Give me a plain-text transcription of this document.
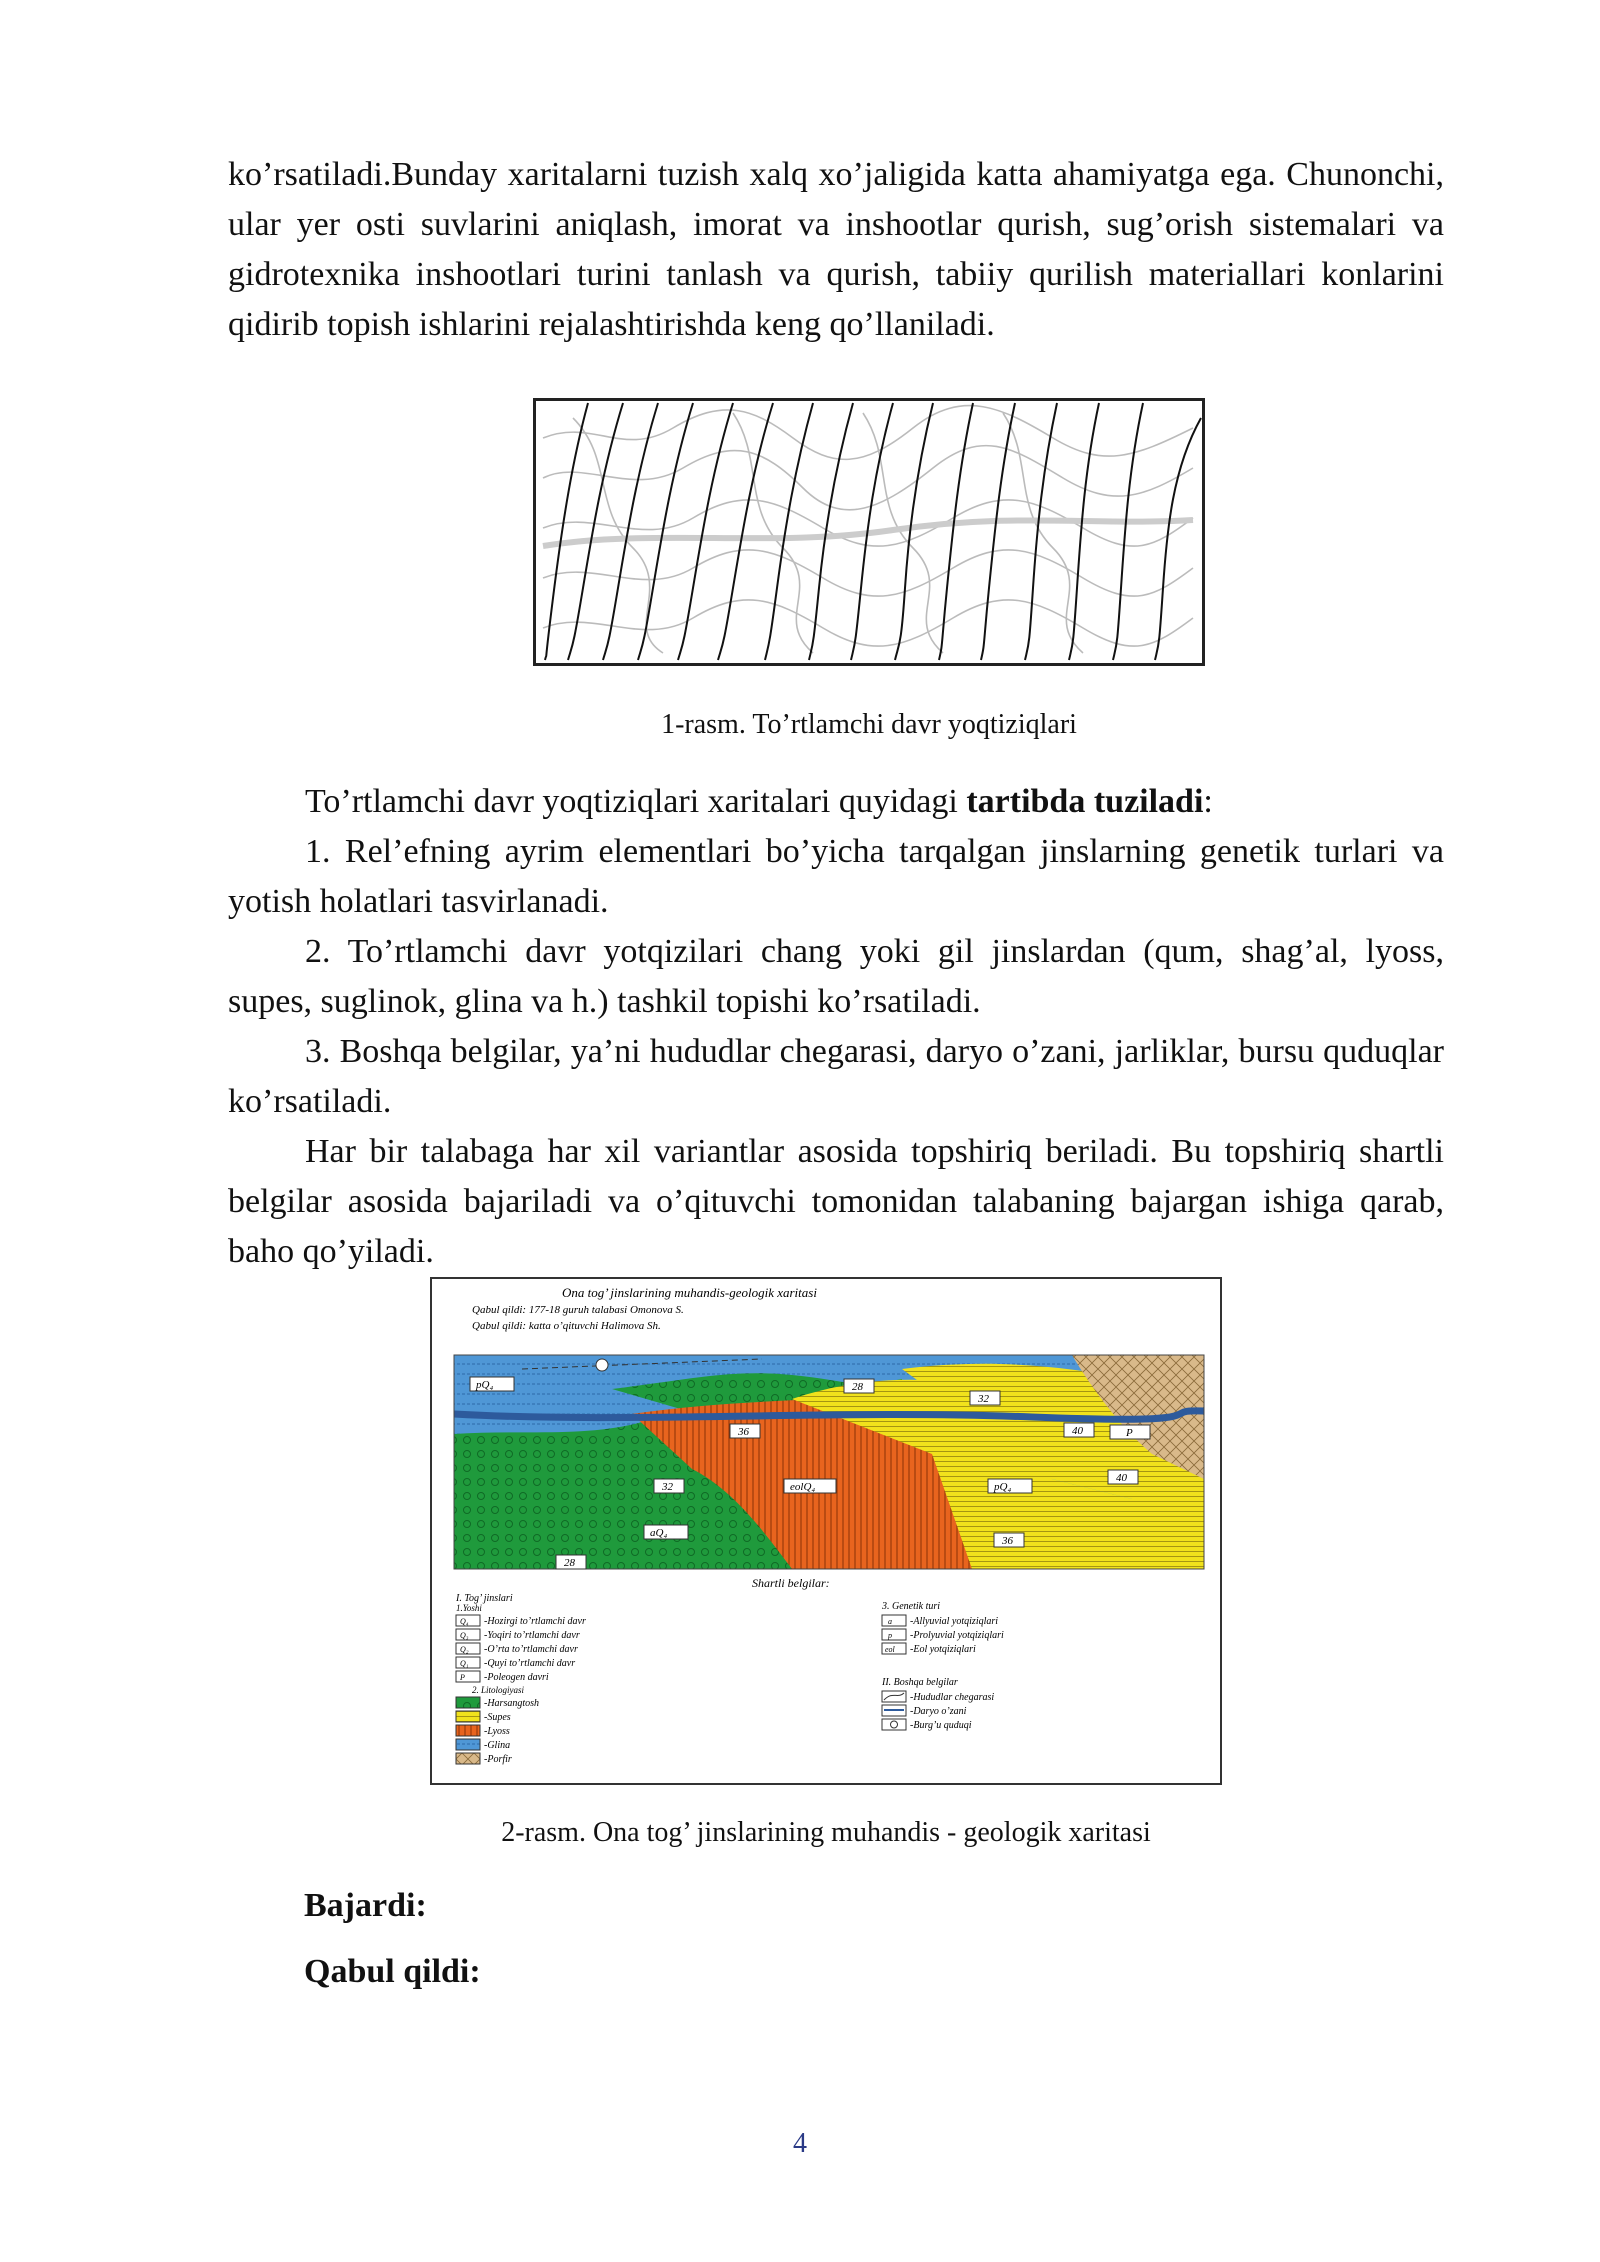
ko’rsatiladi.Bunday xaritalarni tuzish xalq xo’jaligida katta ahamiyatga ega. Chunonchi, ular yer osti suvlarini aniqlash, imorat va inshootlar qurish, sug’orish sistemalari va gidrotexnika inshootlari turini tanlash va qurish, tabiiy qurilish materiallari konlarini qidirib topish ishlarini rejalashtirishda keng qo’llaniladi.

1-rasm. To’rtlamchi davr yoqtiziqlari

To’rtlamchi davr yoqtiziqlari xaritalari quyidagi tartibda tuziladi:

1. Rel’efning ayrim elementlari bo’yicha tarqalgan jinslarning genetik turlari va yotish holatlari tasvirlanadi.

2. To’rtlamchi davr yotqizilari chang yoki gil jinslardan (qum, shag’al, lyoss, supes, suglinok, glina va h.) tashkil topishi ko’rsatiladi.

3. Boshqa belgilar, ya’ni hududlar chegarasi, daryo o’zani, jarliklar, bursu quduqlar ko’rsatiladi.

Har bir talabaga har xil variantlar asosida topshiriq beriladi. Bu topshiriq shartli belgilar asosida bajariladi va o’qituvchi tomonidan talabaning bajargan ishiga qarab, baho qo’yiladi.

Ona tog’ jinslarining muhandis-geologik xaritasi
Qabul qildi: 177-18 guruh talabasi Omonova S.
Qabul qildi: katta o’qituvchi Halimova Sh.
pQ₄	28
32
36	40	P
32	eolQ₄	pQ₄
40
aQ₄
36
28
Shartli belgilar:
I. Tog’ jinslari
1.Yoshi
Q₄ -Hozirgi to’rtlamchi davr
Q₃ -Yoqiri to’rtlamchi davr
Q₂ -O’rta to’rtlamchi davr
Q₁ -Quyi to’rtlamchi davr
P -Poleogen davri
2. Litologiyasi
-Harsangtosh
-Supes
-Lyoss
-Glina
-Porfir
3. Genetik turi
a -Allyuvial yotqiziqlari
p -Prolyuvial yotqiziqlari
eol -Eol yotqiziqlari
II. Boshqa belgilar
-Hududlar chegarasi
-Daryo o’zani
-Burg’u quduqi
2-rasm. Ona tog’ jinslarining muhandis - geologik xaritasi
Bajardi:
Qabul qildi:
4
